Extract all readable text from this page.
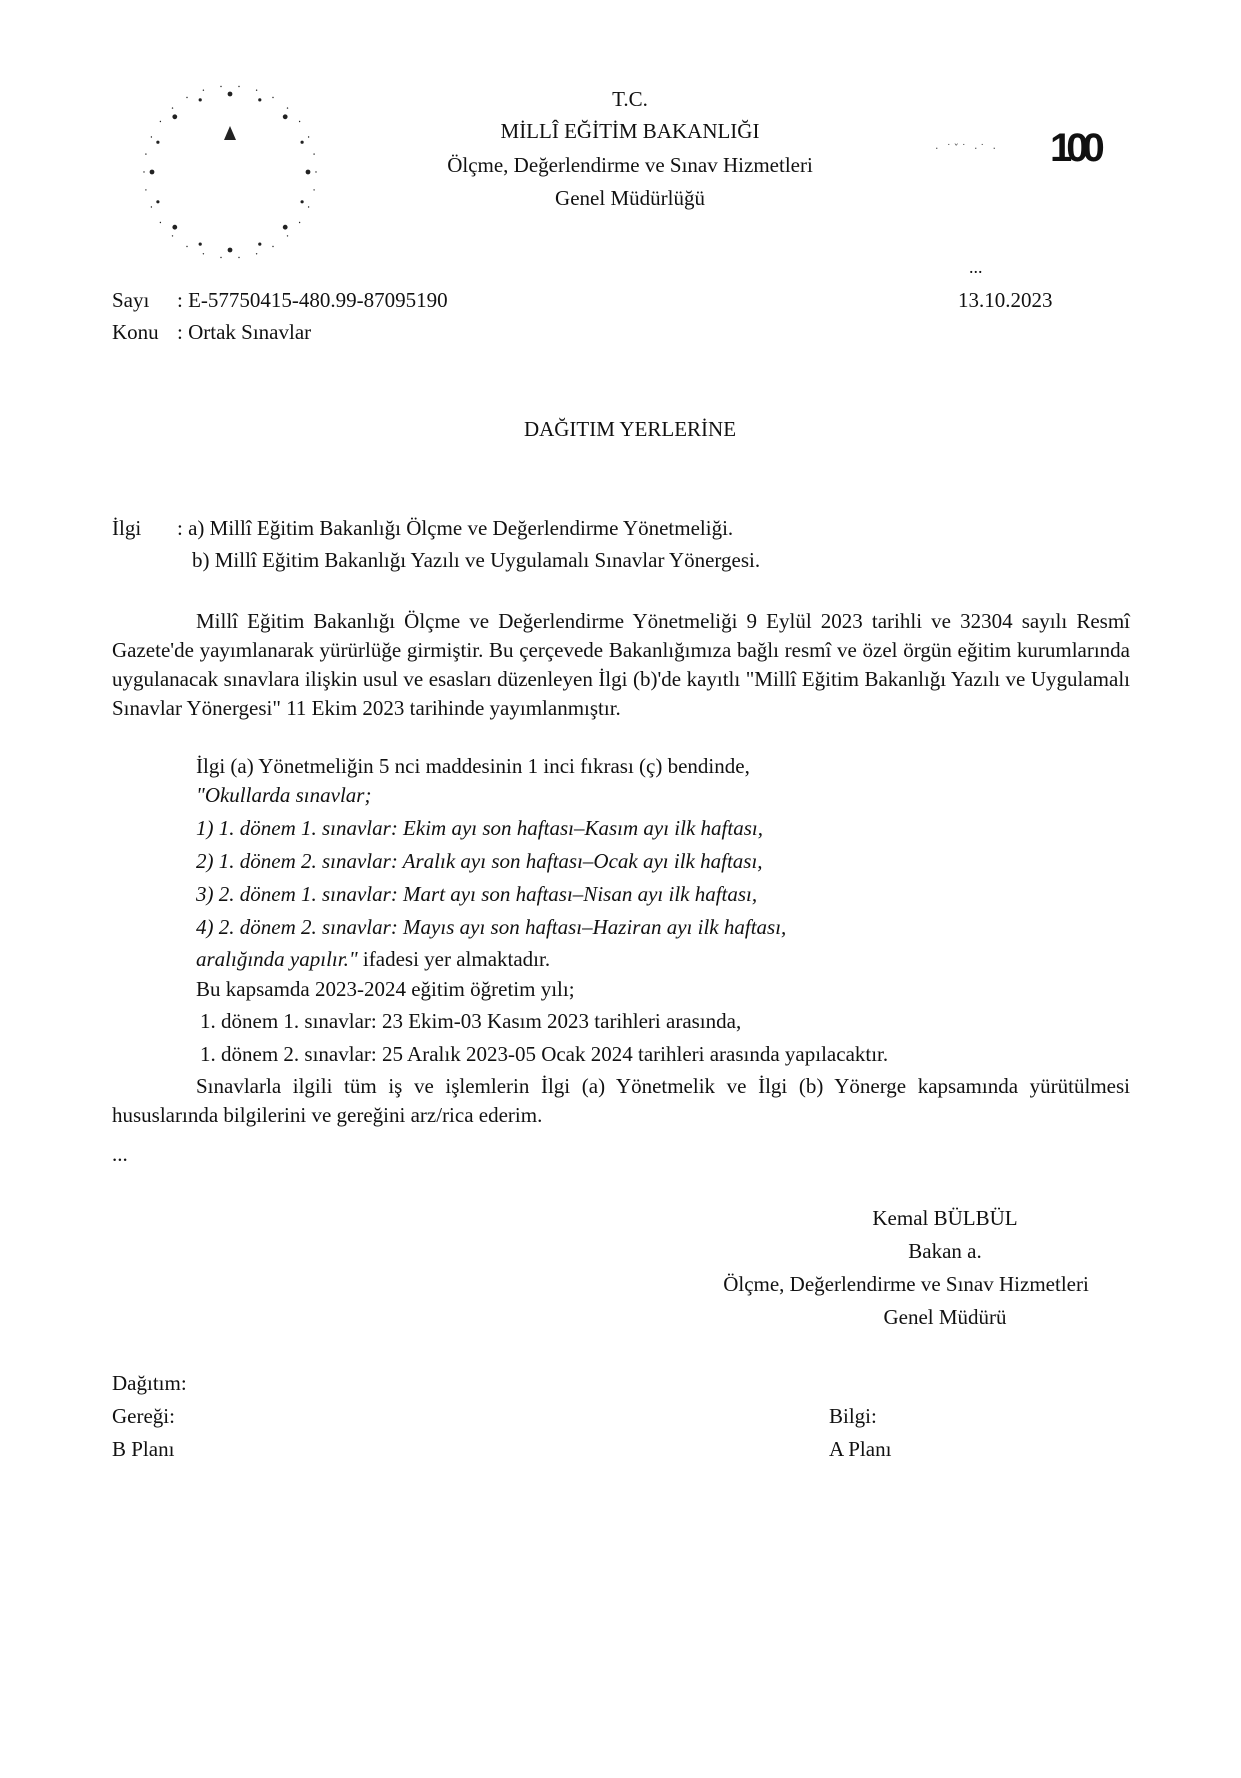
T.C.
MİLLÎ EĞİTİM BAKANLIĞI
Ölçme, Değerlendirme ve Sınav Hizmetleri
Genel Müdürlüğü
· ˙ˇ˙ ·˙ · 100
...
Sayı : E-57750415-480.99-87095190	13.10.2023
Konu : Ortak Sınavlar
DAĞITIM YERLERİNE
İlgi : a) Millî Eğitim Bakanlığı Ölçme ve Değerlendirme Yönetmeliği.
b) Millî Eğitim Bakanlığı Yazılı ve Uygulamalı Sınavlar Yönergesi.
Millî Eğitim Bakanlığı Ölçme ve Değerlendirme Yönetmeliği 9 Eylül 2023 tarihli ve 32304 sayılı Resmî Gazete'de yayımlanarak yürürlüğe girmiştir. Bu çerçevede Bakanlığımıza bağlı resmî ve özel örgün eğitim kurumlarında uygulanacak sınavlara ilişkin usul ve esasları düzenleyen İlgi (b)'de kayıtlı "Millî Eğitim Bakanlığı Yazılı ve Uygulamalı Sınavlar Yönergesi" 11 Ekim 2023 tarihinde yayımlanmıştır.
İlgi (a) Yönetmeliğin 5 nci maddesinin 1 inci fıkrası (ç) bendinde,
"Okullarda sınavlar;
1) 1. dönem 1. sınavlar: Ekim ayı son haftası–Kasım ayı ilk haftası,
2) 1. dönem 2. sınavlar: Aralık ayı son haftası–Ocak ayı ilk haftası,
3) 2. dönem 1. sınavlar: Mart ayı son haftası–Nisan ayı ilk haftası,
4) 2. dönem 2. sınavlar: Mayıs ayı son haftası–Haziran ayı ilk haftası,
aralığında yapılır." ifadesi yer almaktadır.
Bu kapsamda 2023-2024 eğitim öğretim yılı;
1. dönem 1. sınavlar: 23 Ekim-03 Kasım 2023 tarihleri arasında,
1. dönem 2. sınavlar: 25 Aralık 2023-05 Ocak 2024 tarihleri arasında yapılacaktır.
Sınavlarla ilgili tüm iş ve işlemlerin İlgi (a) Yönetmelik ve İlgi (b) Yönerge kapsamında yürütülmesi hususlarında bilgilerini ve gereğini arz/rica ederim.
...
Kemal BÜLBÜL
Bakan a.
Ölçme, Değerlendirme ve Sınav Hizmetleri
Genel Müdürü
Dağıtım:
Gereği:
B Planı
Bilgi:
A Planı
